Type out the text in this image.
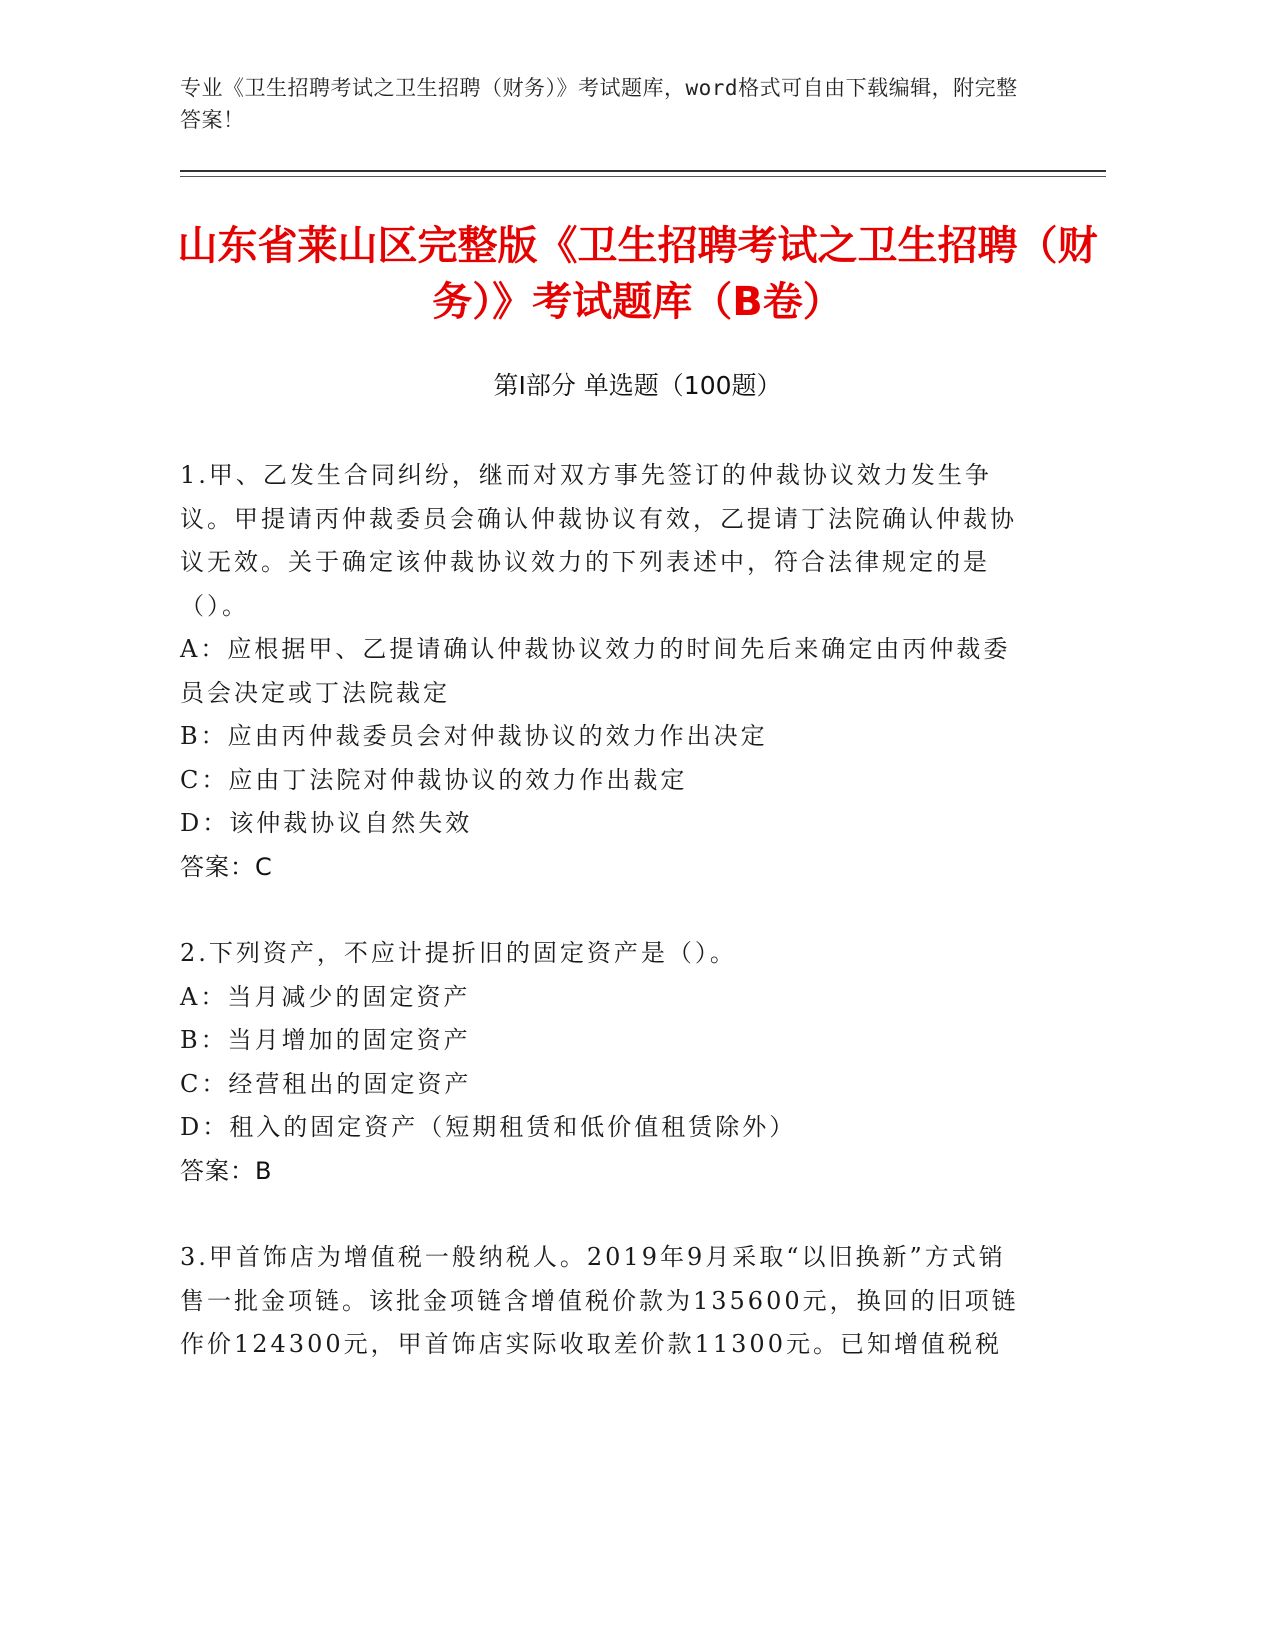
专业《卫生招聘考试之卫生招聘（财务）》考试题库，word格式可自由下载编辑，附完整答案！
山东省莱山区完整版《卫生招聘考试之卫生招聘（财务）》考试题库（B卷）
第Ⅰ部分 单选题（100题）
1.甲、乙发生合同纠纷，继而对双方事先签订的仲裁协议效力发生争议。甲提请丙仲裁委员会确认仲裁协议有效，乙提请丁法院确认仲裁协议无效。关于确定该仲裁协议效力的下列表述中，符合法律规定的是（）。
A：应根据甲、乙提请确认仲裁协议效力的时间先后来确定由丙仲裁委员会决定或丁法院裁定
B：应由丙仲裁委员会对仲裁协议的效力作出决定
C：应由丁法院对仲裁协议的效力作出裁定
D：该仲裁协议自然失效
答案：C
2.下列资产，不应计提折旧的固定资产是（）。
A：当月减少的固定资产
B：当月增加的固定资产
C：经营租出的固定资产
D：租入的固定资产（短期租赁和低价值租赁除外）
答案：B
3.甲首饰店为增值税一般纳税人。2019年9月采取“以旧换新”方式销售一批金项链。该批金项链含增值税价款为135600元，换回的旧项链作价124300元，甲首饰店实际收取差价款11300元。已知增值税税
